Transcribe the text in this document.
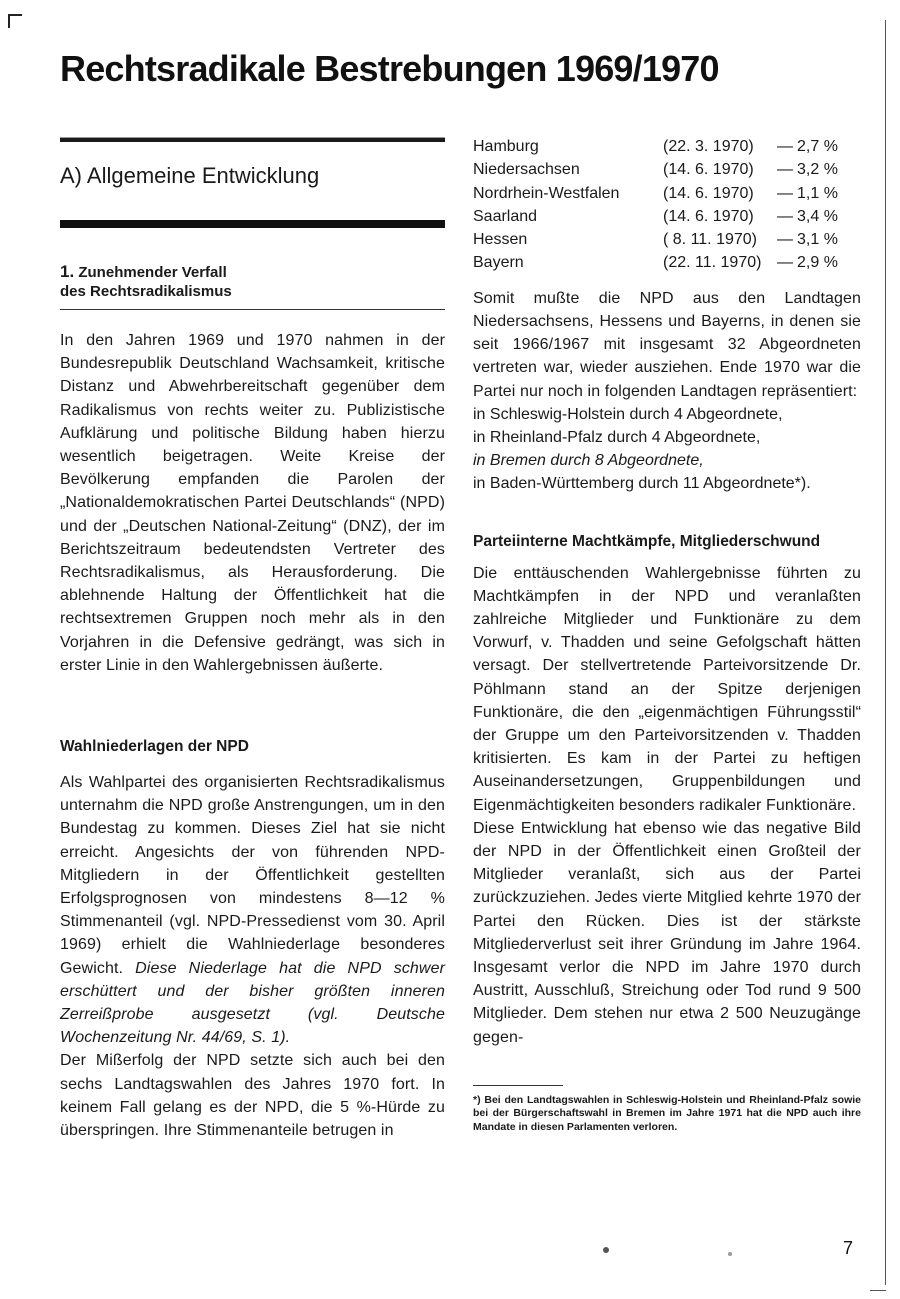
Rechtsradikale Bestrebungen 1969/1970
A) Allgemeine Entwicklung
1. Zunehmender Verfall
des Rechtsradikalismus

In den Jahren 1969 und 1970 nahmen in der Bundesrepublik Deutschland Wachsamkeit, kritische Distanz und Abwehrbereitschaft gegenüber dem Radikalismus von rechts weiter zu. Publizistische Aufklärung und politische Bildung haben hierzu wesentlich beigetragen. Weite Kreise der Bevölkerung empfanden die Parolen der „Nationaldemokratischen Partei Deutschlands“ (NPD) und der „Deutschen National-Zeitung“ (DNZ), der im Berichtszeitraum bedeutendsten Vertreter des Rechtsradikalismus, als Herausforderung. Die ablehnende Haltung der Öffentlichkeit hat die rechtsextremen Gruppen noch mehr als in den Vorjahren in die Defensive gedrängt, was sich in erster Linie in den Wahlergebnissen äußerte.

Wahlniederlagen der NPD

Als Wahlpartei des organisierten Rechtsradikalismus unternahm die NPD große Anstrengungen, um in den Bundestag zu kommen. Dieses Ziel hat sie nicht erreicht. Angesichts der von führenden NPD-Mitgliedern in der Öffentlichkeit gestellten Erfolgsprognosen von mindestens 8—12 % Stimmenanteil (vgl. NPD-Pressedienst vom 30. April 1969) erhielt die Wahlniederlage besonderes Gewicht. Diese Niederlage hat die NPD schwer erschüttert und der bisher größten inneren Zerreißprobe ausgesetzt (vgl. Deutsche Wochenzeitung Nr. 44/69, S. 1).

Der Mißerfolg der NPD setzte sich auch bei den sechs Landtagswahlen des Jahres 1970 fort. In keinem Fall gelang es der NPD, die 5 %-Hürde zu überspringen. Ihre Stimmenanteile betrugen in

Hamburg	(22. 3. 1970)	— 2,7 %
Niedersachsen	(14. 6. 1970)	— 3,2 %
Nordrhein-Westfalen	(14. 6. 1970)	— 1,1 %
Saarland	(14. 6. 1970)	— 3,4 %
Hessen	( 8. 11. 1970)	— 3,1 %
Bayern	(22. 11. 1970) — 2,9 %

Somit mußte die NPD aus den Landtagen Niedersachsens, Hessens und Bayerns, in denen sie seit 1966/1967 mit insgesamt 32 Abgeordneten vertreten war, wieder ausziehen. Ende 1970 war die Partei nur noch in folgenden Landtagen repräsentiert:

in Schleswig-Holstein durch 4 Abgeordnete,
in Rheinland-Pfalz durch 4 Abgeordnete,
in Bremen durch 8 Abgeordnete,
in Baden-Württemberg durch 11 Abgeordnete*).
Parteiinterne Machtkämpfe, Mitgliederschwund

Die enttäuschenden Wahlergebnisse führten zu Machtkämpfen in der NPD und veranlaßten zahlreiche Mitglieder und Funktionäre zu dem Vorwurf, v. Thadden und seine Gefolgschaft hätten versagt. Der stellvertretende Parteivorsitzende Dr. Pöhlmann stand an der Spitze derjenigen Funktionäre, die den „eigenmächtigen Führungsstil“ der Gruppe um den Parteivorsitzenden v. Thadden kritisierten. Es kam in der Partei zu heftigen Auseinandersetzungen, Gruppenbildungen und Eigenmächtigkeiten besonders radikaler Funktionäre.

Diese Entwicklung hat ebenso wie das negative Bild der NPD in der Öffentlichkeit einen Großteil der Mitglieder veranlaßt, sich aus der Partei zurückzuziehen. Jedes vierte Mitglied kehrte 1970 der Partei den Rücken. Dies ist der stärkste Mitgliederverlust seit ihrer Gründung im Jahre 1964. Insgesamt verlor die NPD im Jahre 1970 durch Austritt, Ausschluß, Streichung oder Tod rund 9 500 Mitglieder. Dem stehen nur etwa 2 500 Neuzugänge gegen-

*) Bei den Landtagswahlen in Schleswig-Holstein und Rheinland-Pfalz sowie bei der Bürgerschaftswahl in Bremen im Jahre 1971 hat die NPD auch ihre Mandate in diesen Parlamenten verloren.

7
